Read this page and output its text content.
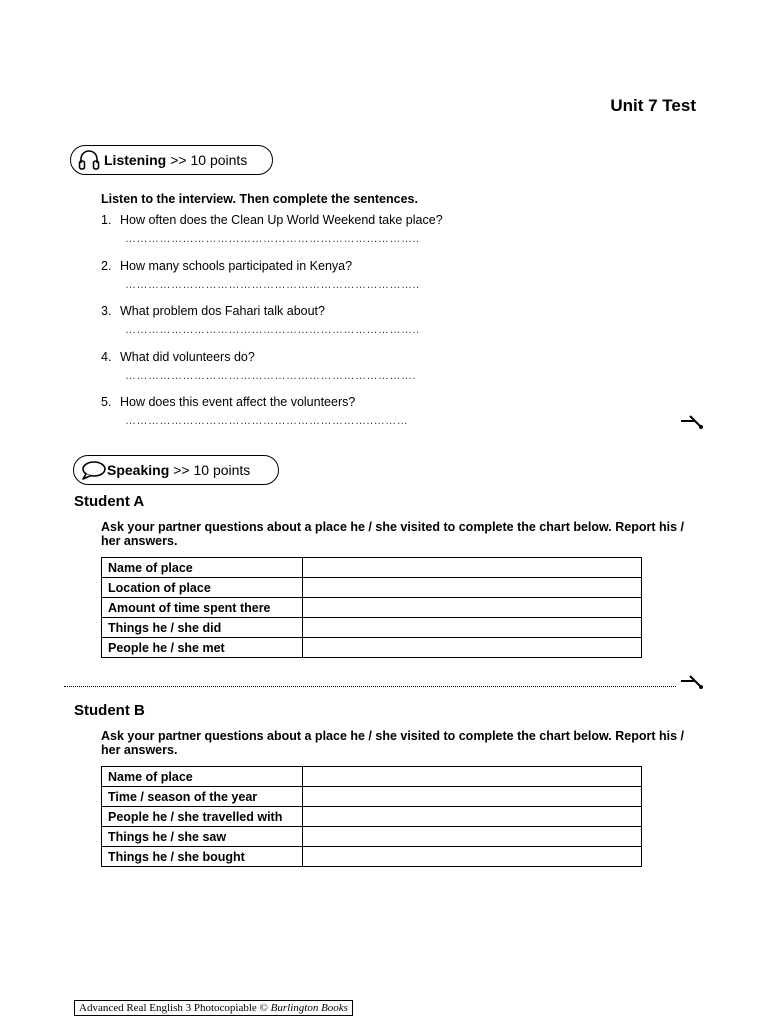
Unit 7 Test
Listening >> 10 points
Listen to the interview. Then complete the sentences.
1. How often does the Clean Up World Weekend take place?
…………………………………………………………………..
2. How many schools participated in Kenya?
…………………………………………………………………..
3. What problem dos Fahari talk about?
…………………………………………………………………..
4. What did volunteers do?
………………………………………………………………….
5. How does this event affect the volunteers?
………………………………………………………..………
Speaking >> 10 points
Student A
Ask your partner questions about a place he / she visited to complete the chart below. Report his / her answers.
Name of place	
Location of place	
Amount of time spent there	
Things he / she did	
People he / she met	
Student B
Ask your partner questions about a place he / she visited to complete the chart below. Report his / her answers.
Name of place	
Time / season of the year	
People he / she travelled with	
Things he / she saw	
Things he / she bought	
Advanced Real English 3 Photocopiable © Burlington Books
